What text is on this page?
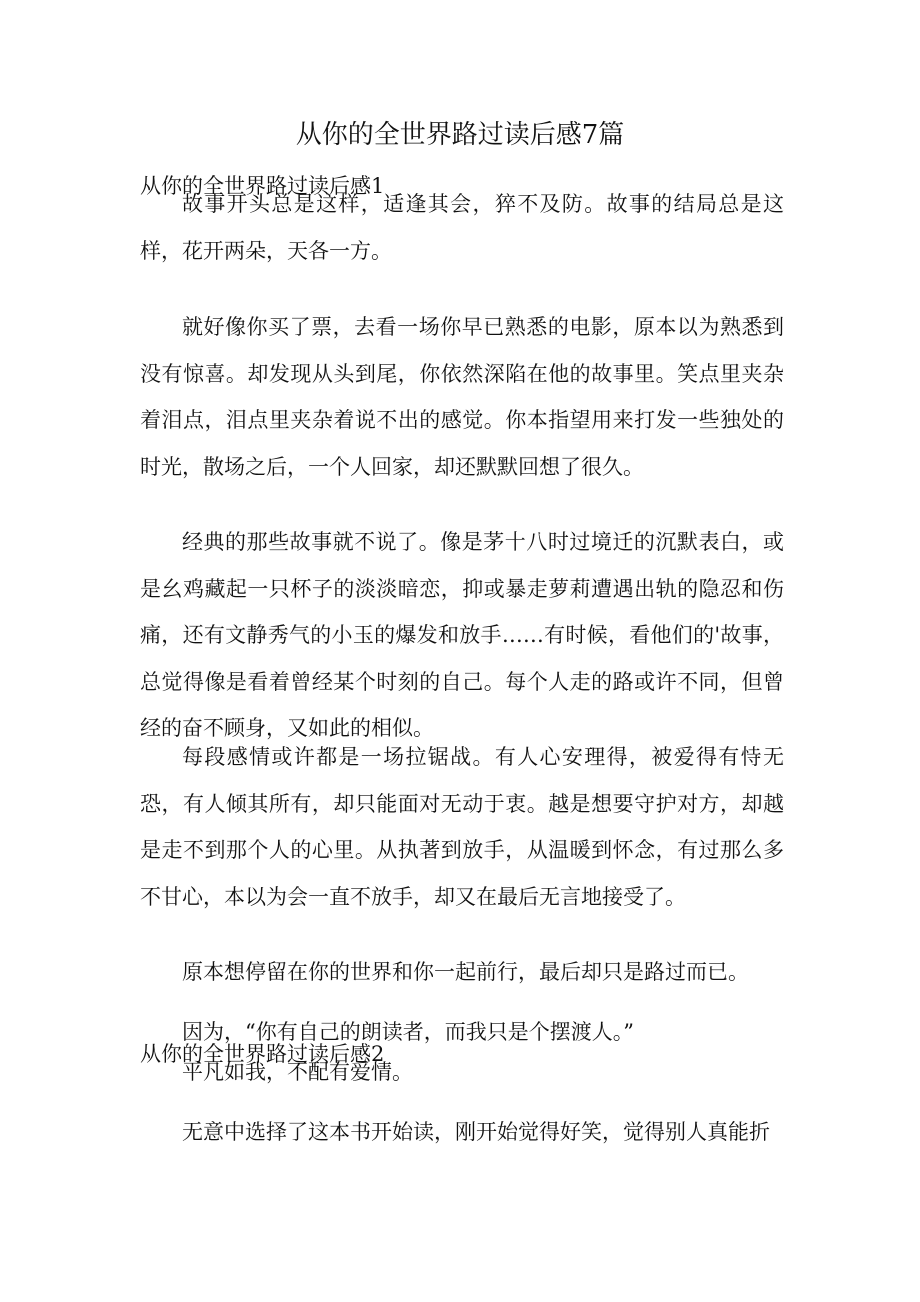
从你的全世界路过读后感7篇
从你的全世界路过读后感1

故事开头总是这样，适逢其会，猝不及防。故事的结局总是这样，花开两朵，天各一方。

就好像你买了票，去看一场你早已熟悉的电影，原本以为熟悉到没有惊喜。却发现从头到尾，你依然深陷在他的故事里。笑点里夹杂着泪点，泪点里夹杂着说不出的感觉。你本指望用来打发一些独处的时光，散场之后，一个人回家，却还默默回想了很久。

经典的那些故事就不说了。像是茅十八时过境迁的沉默表白，或是幺鸡藏起一只杯子的淡淡暗恋，抑或暴走萝莉遭遇出轨的隐忍和伤痛，还有文静秀气的小玉的爆发和放手……有时候，看他们的'故事，总觉得像是看着曾经某个时刻的自己。每个人走的路或许不同，但曾经的奋不顾身，又如此的相似。

每段感情或许都是一场拉锯战。有人心安理得，被爱得有恃无恐，有人倾其所有，却只能面对无动于衷。越是想要守护对方，却越是走不到那个人的心里。从执著到放手，从温暖到怀念，有过那么多不甘心，本以为会一直不放手，却又在最后无言地接受了。

原本想停留在你的世界和你一起前行，最后却只是路过而已。

因为，“你有自己的朗读者，而我只是个摆渡人。”

从你的全世界路过读后感2

平凡如我，不配有爱情。

无意中选择了这本书开始读，刚开始觉得好笑，觉得别人真能折
